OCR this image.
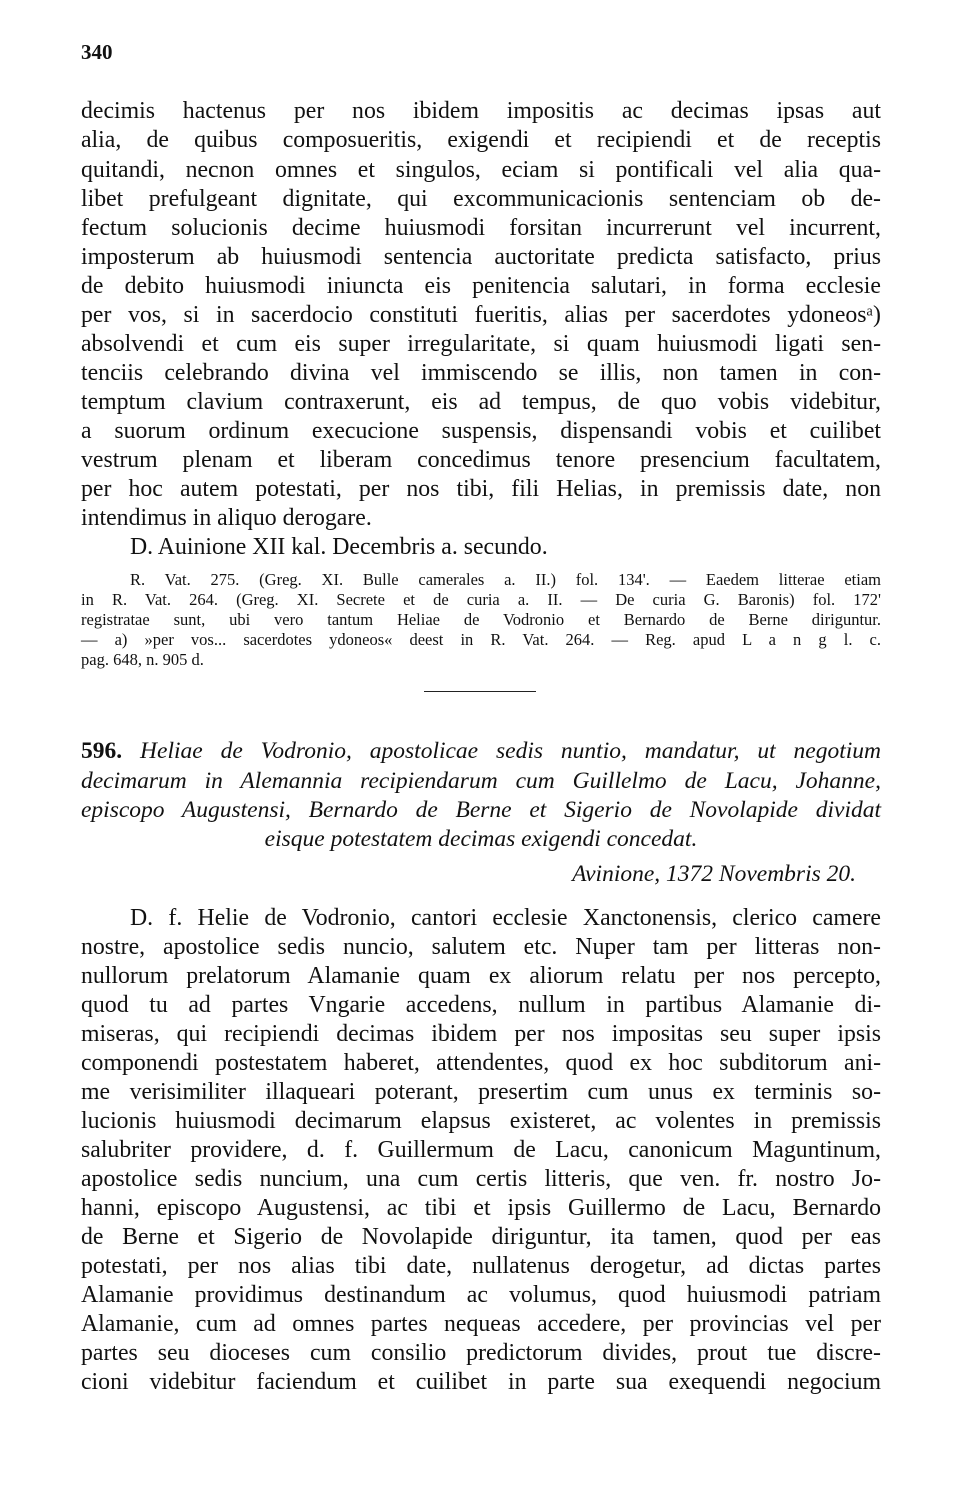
340
decimis hactenus per nos ibidem impositis ac decimas ipsas aut
alia, de quibus composueritis, exigendi et recipiendi et de receptis
quitandi, necnon omnes et singulos, eciam si pontificali vel alia qua-
libet prefulgeant dignitate, qui excommunicacionis sentenciam ob de-
fectum solucionis decime huiusmodi forsitan incurrerunt vel incurrent,
imposterum ab huiusmodi sentencia auctoritate predicta satisfacto, prius
de debito huiusmodi iniuncta eis penitencia salutari, in forma ecclesie
per vos, si in sacerdocio constituti fueritis, alias per sacerdotes ydoneosᵃ)
absolvendi et cum eis super irregularitate, si quam huiusmodi ligati sen-
tenciis celebrando divina vel immiscendo se illis, non tamen in con-
temptum clavium contraxerunt, eis ad tempus, de quo vobis videbitur,
a suorum ordinum execucione suspensis, dispensandi vobis et cuilibet
vestrum plenam et liberam concedimus tenore presencium facultatem,
per hoc autem potestati, per nos tibi, fili Helias, in premissis date, non
intendimus in aliquo derogare.
D. Auinione XII kal. Decembris a. secundo.
R. Vat. 275. (Greg. XI. Bulle camerales a. II.) fol. 134'. — Eaedem litterae etiam
in R. Vat. 264. (Greg. XI. Secrete et de curia a. II. — De curia G. Baronis) fol. 172'
registratae sunt, ubi vero tantum Heliae de Vodronio et Bernardo de Berne diriguntur.
— a) »per vos... sacerdotes ydoneos« deest in R. Vat. 264. — Reg. apud L a n g l. c.
pag. 648, n. 905 d.
596. Heliae de Vodronio, apostolicae sedis nuntio, mandatur, ut negotium
decimarum in Alemannia recipiendarum cum Guillelmo de Lacu, Johanne,
episcopo Augustensi, Bernardo de Berne et Sigerio de Novolapide dividat
eisque potestatem decimas exigendi concedat.
Avinione, 1372 Novembris 20.
D. f. Helie de Vodronio, cantori ecclesie Xanctonensis, clerico camere
nostre, apostolice sedis nuncio, salutem etc. Nuper tam per litteras non-
nullorum prelatorum Alamanie quam ex aliorum relatu per nos percepto,
quod tu ad partes Vngarie accedens, nullum in partibus Alamanie di-
miseras, qui recipiendi decimas ibidem per nos impositas seu super ipsis
componendi postestatem haberet, attendentes, quod ex hoc subditorum ani-
me verisimiliter illaqueari poterant, presertim cum unus ex terminis so-
lucionis huiusmodi decimarum elapsus existeret, ac volentes in premissis
salubriter providere, d. f. Guillermum de Lacu, canonicum Maguntinum,
apostolice sedis nuncium, una cum certis litteris, que ven. fr. nostro Jo-
hanni, episcopo Augustensi, ac tibi et ipsis Guillermo de Lacu, Bernardo
de Berne et Sigerio de Novolapide diriguntur, ita tamen, quod per eas
potestati, per nos alias tibi date, nullatenus derogetur, ad dictas partes
Alamanie providimus destinandum ac volumus, quod huiusmodi patriam
Alamanie, cum ad omnes partes nequeas accedere, per provincias vel per
partes seu dioceses cum consilio predictorum divides, prout tue discre-
cioni videbitur faciendum et cuilibet in parte sua exequendi negocium
